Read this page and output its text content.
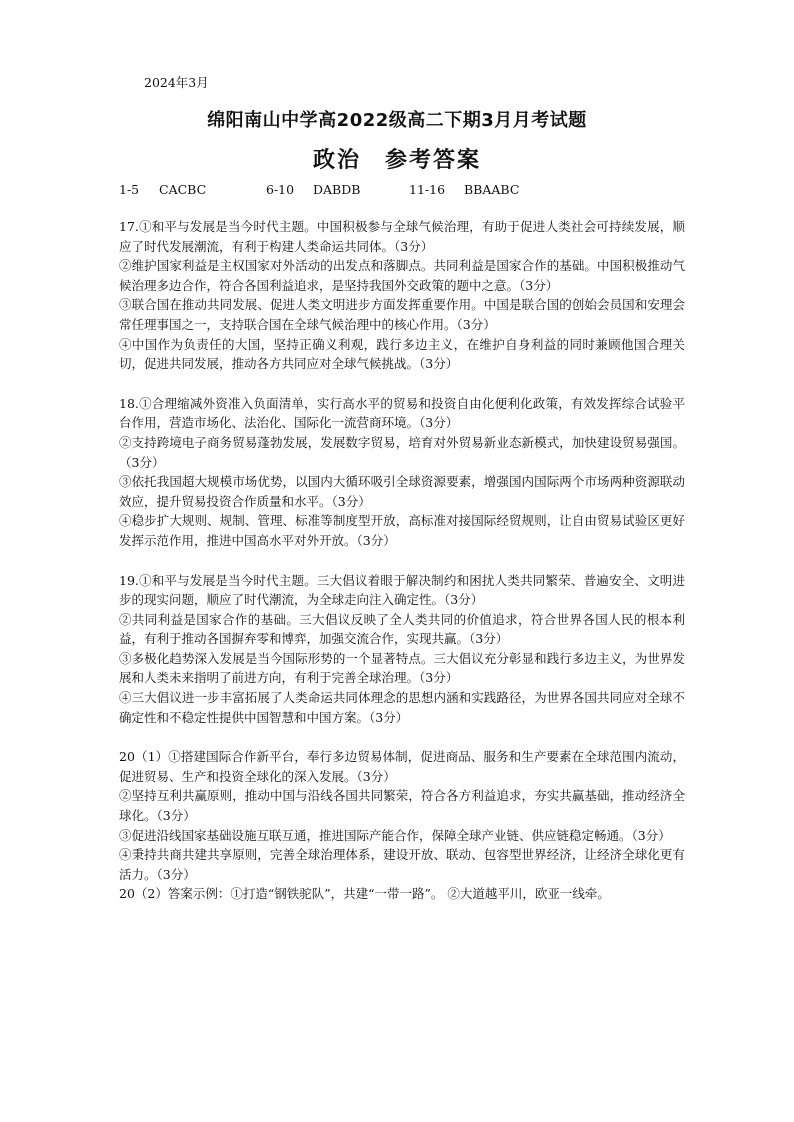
2024年3月
绵阳南山中学高2022级高二下期3月月考试题
政治　参考答案
1-5 CACBC	6-10 DABDB	11-16 BBAABC

17.①和平与发展是当今时代主题。中国积极参与全球气候治理，有助于促进人类社会可持续发展，顺应了时代发展潮流，有利于构建人类命运共同体。（3分）

②维护国家利益是主权国家对外活动的出发点和落脚点。共同利益是国家合作的基础。中国积极推动气候治理多边合作，符合各国利益追求，是坚持我国外交政策的题中之意。（3分）

③联合国在推动共同发展、促进人类文明进步方面发挥重要作用。中国是联合国的创始会员国和安理会常任理事国之一，支持联合国在全球气候治理中的核心作用。（3分）

④中国作为负责任的大国，坚持正确义利观，践行多边主义，在维护自身利益的同时兼顾他国合理关切，促进共同发展，推动各方共同应对全球气候挑战。（3分）

18.①合理缩减外资准入负面清单，实行高水平的贸易和投资自由化便利化政策，有效发挥综合试验平台作用，营造市场化、法治化、国际化一流营商环境。（3分）

②支持跨境电子商务贸易蓬勃发展，发展数字贸易，培育对外贸易新业态新模式，加快建设贸易强国。（3分）

③依托我国超大规模市场优势，以国内大循环吸引全球资源要素，增强国内国际两个市场两种资源联动效应，提升贸易投资合作质量和水平。（3分）

④稳步扩大规则、规制、管理、标准等制度型开放，高标准对接国际经贸规则，让自由贸易试验区更好发挥示范作用，推进中国高水平对外开放。（3分）

19.①和平与发展是当今时代主题。三大倡议着眼于解决制约和困扰人类共同繁荣、普遍安全、文明进步的现实问题，顺应了时代潮流，为全球走向注入确定性。（3分）

②共同利益是国家合作的基础。三大倡议反映了全人类共同的价值追求，符合世界各国人民的根本利益，有利于推动各国摒弃零和博弈，加强交流合作，实现共赢。（3分）

③多极化趋势深入发展是当今国际形势的一个显著特点。三大倡议充分彰显和践行多边主义，为世界发展和人类未来指明了前进方向，有利于完善全球治理。（3分）

④三大倡议进一步丰富拓展了人类命运共同体理念的思想内涵和实践路径，为世界各国共同应对全球不确定性和不稳定性提供中国智慧和中国方案。（3分）

20（1）①搭建国际合作新平台，奉行多边贸易体制，促进商品、服务和生产要素在全球范围内流动，促进贸易、生产和投资全球化的深入发展。（3分）

②坚持互利共赢原则，推动中国与沿线各国共同繁荣，符合各方利益追求，夯实共赢基础，推动经济全球化。（3分）

③促进沿线国家基础设施互联互通，推进国际产能合作，保障全球产业链、供应链稳定畅通。（3分）

④秉持共商共建共享原则，完善全球治理体系，建设开放、联动、包容型世界经济，让经济全球化更有活力。（3分）

20（2）答案示例：①打造“钢铁驼队”，共建“一带一路”。 ②大道越平川，欧亚一线牵。
